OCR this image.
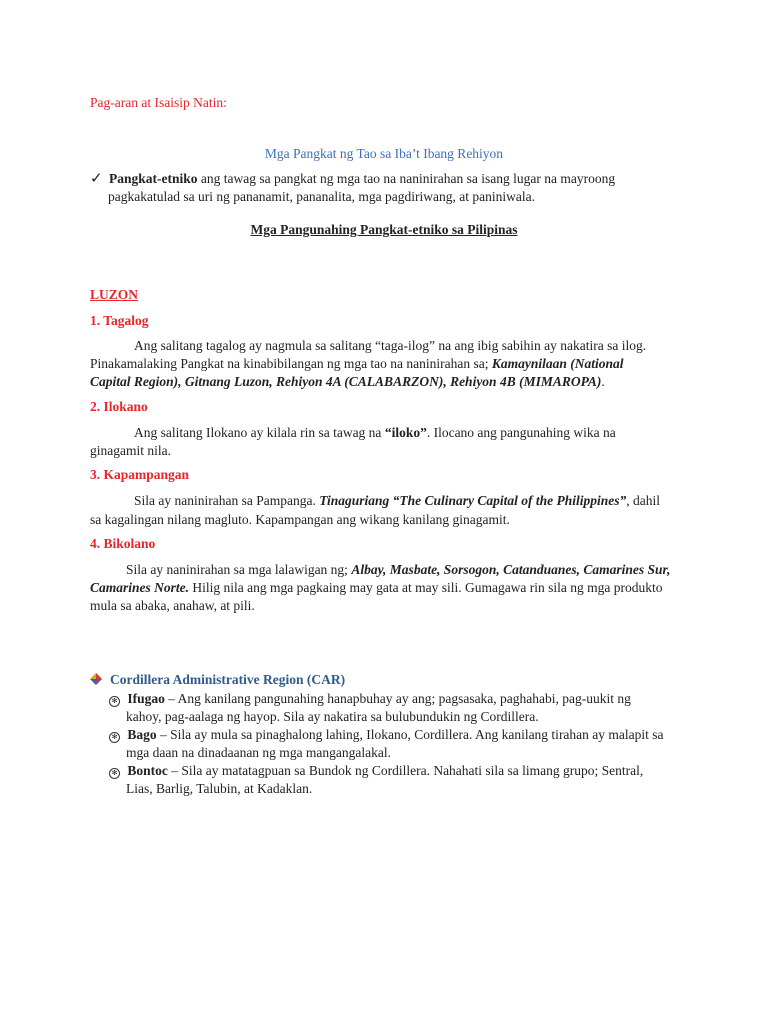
Pag-aran at Isaisip Natin:
Mga Pangkat ng Tao sa Iba’t Ibang Rehiyon
✓ Pangkat-etniko ang tawag sa pangkat ng mga tao na naninirahan sa isang lugar na mayroong
pagkakatulad sa uri ng pananamit, pananalita, mga pagdiriwang, at paniniwala.
Mga Pangunahing Pangkat-etniko sa Pilipinas
LUZON
1. Tagalog
Ang salitang tagalog ay nagmula sa salitang “taga-ilog” na ang ibig sabihin ay nakatira sa ilog.
Pinakamalaking Pangkat na kinabibilangan ng mga tao na naninirahan sa; Kamaynilaan (National
Capital Region), Gitnang Luzon, Rehiyon 4A (CALABARZON), Rehiyon 4B (MIMAROPA).
2. Ilokano
Ang salitang Ilokano ay kilala rin sa tawag na “iloko”. Ilocano ang pangunahing wika na
ginagamit nila.
3. Kapampangan
Sila ay naninirahan sa Pampanga. Tinaguriang “The Culinary Capital of the Philippines”, dahil
sa kagalingan nilang magluto. Kapampangan ang wikang kanilang ginagamit.
4. Bikolano
Sila ay naninirahan sa mga lalawigan ng; Albay, Masbate, Sorsogon, Catanduanes, Camarines Sur,
Camarines Norte. Hilig nila ang mga pagkaing may gata at may sili. Gumagawa rin sila ng mga produkto
mula sa abaka, anahaw, at pili.
Cordillera Administrative Region (CAR)
✻ Ifugao – Ang kanilang pangunahing hanapbuhay ay ang; pagsasaka, paghahabi, pag-uukit ng
kahoy, pag-aalaga ng hayop. Sila ay nakatira sa bulubundukin ng Cordillera.
✻ Bago – Sila ay mula sa pinaghalong lahing, Ilokano, Cordillera. Ang kanilang tirahan ay malapit sa
mga daan na dinadaanan ng mga mangangalakal.
✻ Bontoc – Sila ay matatagpuan sa Bundok ng Cordillera. Nahahati sila sa limang grupo; Sentral,
Lias, Barlig, Talubin, at Kadaklan.
